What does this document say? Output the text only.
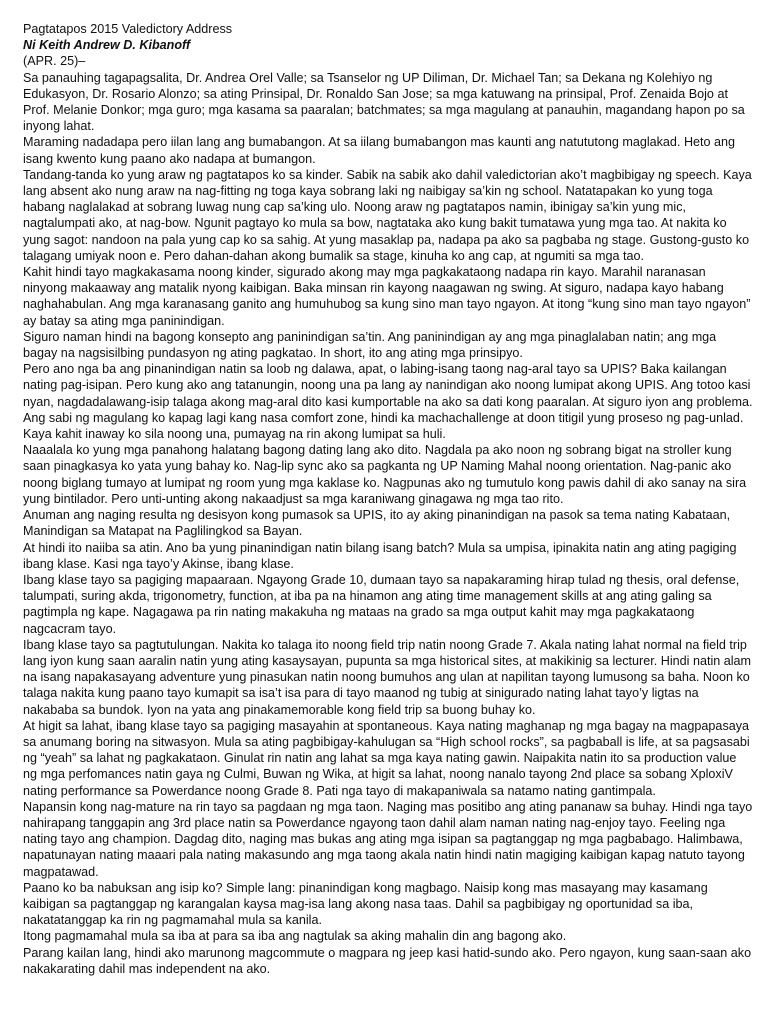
Pagtatapos 2015 Valedictory Address

Ni Keith Andrew D. Kibanoff

(APR. 25)–

Sa panauhing tagapagsalita, Dr. Andrea Orel Valle; sa Tsanselor ng UP Diliman, Dr. Michael Tan; sa Dekana ng Kolehiyo ng Edukasyon, Dr. Rosario Alonzo; sa ating Prinsipal, Dr. Ronaldo San Jose; sa mga katuwang na prinsipal, Prof. Zenaida Bojo at Prof. Melanie Donkor; mga guro; mga kasama sa paaralan; batchmates; sa mga magulang at panauhin, magandang hapon po sa inyong lahat.

Maraming nadadapa pero iilan lang ang bumabangon. At sa iilang bumabangon mas kaunti ang natututong maglakad. Heto ang isang kwento kung paano ako nadapa at bumangon.

Tandang-tanda ko yung araw ng pagtatapos ko sa kinder. Sabik na sabik ako dahil valedictorian ako’t magbibigay ng speech. Kaya lang absent ako nung araw na nag-fitting ng toga kaya sobrang laki ng naibigay sa’kin ng school. Natatapakan ko yung toga habang naglalakad at sobrang luwag nung cap sa’king ulo. Noong araw ng pagtatapos namin, ibinigay sa’kin yung mic, nagtalumpati ako, at nag-bow. Ngunit pagtayo ko mula sa bow, nagtataka ako kung bakit tumatawa yung mga tao. At nakita ko yung sagot: nandoon na pala yung cap ko sa sahig. At yung masaklap pa, nadapa pa ako sa pagbaba ng stage. Gustong-gusto ko talagang umiyak noon e. Pero dahan-dahan akong bumalik sa stage, kinuha ko ang cap, at ngumiti sa mga tao.

Kahit hindi tayo magkakasama noong kinder, sigurado akong may mga pagkakataong nadapa rin kayo. Marahil naranasan ninyong makaaway ang matalik nyong kaibigan. Baka minsan rin kayong naagawan ng swing. At siguro, nadapa kayo habang naghahabulan. Ang mga karanasang ganito ang humuhubog sa kung sino man tayo ngayon. At itong “kung sino man tayo ngayon” ay batay sa ating mga paninindigan.

Siguro naman hindi na bagong konsepto ang paninindigan sa’tin. Ang paninindigan ay ang mga pinaglalaban natin; ang mga bagay na nagsisilbing pundasyon ng ating pagkatao. In short, ito ang ating mga prinsipyo.

Pero ano nga ba ang pinanindigan natin sa loob ng dalawa, apat, o labing-isang taong nag-aral tayo sa UPIS? Baka kailangan nating pag-isipan. Pero kung ako ang tatanungin, noong una pa lang ay nanindigan ako noong lumipat akong UPIS. Ang totoo kasi nyan, nagdadalawang-isip talaga akong mag-aral dito kasi kumportable na ako sa dati kong paaralan. At siguro iyon ang problema. Ang sabi ng magulang ko kapag lagi kang nasa comfort zone, hindi ka machachallenge at doon titigil yung proseso ng pag-unlad. Kaya kahit inaway ko sila noong una, pumayag na rin akong lumipat sa huli.

Naaalala ko yung mga panahong halatang bagong dating lang ako dito. Nagdala pa ako noon ng sobrang bigat na stroller kung saan pinagkasya ko yata yung bahay ko. Nag-lip sync ako sa pagkanta ng UP Naming Mahal noong orientation. Nag-panic ako noong biglang tumayo at lumipat ng room yung mga kaklase ko. Nagpunas ako ng tumutulo kong pawis dahil di ako sanay na sira yung bintilador. Pero unti-unting akong nakaadjust sa mga karaniwang ginagawa ng mga tao rito.

Anuman ang naging resulta ng desisyon kong pumasok sa UPIS, ito ay aking pinanindigan na pasok sa tema nating Kabataan, Manindigan sa Matapat na Paglilingkod sa Bayan.

At hindi ito naiiba sa atin. Ano ba yung pinanindigan natin bilang isang batch? Mula sa umpisa, ipinakita natin ang ating pagiging ibang klase. Kasi nga tayo’y Akinse, ibang klase.

Ibang klase tayo sa pagiging mapaaraan. Ngayong Grade 10, dumaan tayo sa napakaraming hirap tulad ng thesis, oral defense, talumpati, suring akda, trigonometry, function, at iba pa na hinamon ang ating time management skills at ang ating galing sa pagtimpla ng kape. Nagagawa pa rin nating makakuha ng mataas na grado sa mga output kahit may mga pagkakataong nagcacram tayo.

Ibang klase tayo sa pagtutulungan. Nakita ko talaga ito noong field trip natin noong Grade 7. Akala nating lahat normal na field trip lang iyon kung saan aaralin natin yung ating kasaysayan, pupunta sa mga historical sites, at makikinig sa lecturer. Hindi natin alam na isang napakasayang adventure yung pinasukan natin noong bumuhos ang ulan at napilitan tayong lumusong sa baha. Noon ko talaga nakita kung paano tayo kumapit sa isa’t isa para di tayo maanod ng tubig at sinigurado nating lahat tayo’y ligtas na nakababa sa bundok. Iyon na yata ang pinakamemorable kong field trip sa buong buhay ko.

At higit sa lahat, ibang klase tayo sa pagiging masayahin at spontaneous. Kaya nating maghanap ng mga bagay na magpapasaya sa anumang boring na sitwasyon. Mula sa ating pagbibigay-kahulugan sa “High school rocks”, sa pagbaball is life, at sa pagsasabi ng “yeah” sa lahat ng pagkakataon. Ginulat rin natin ang lahat sa mga kaya nating gawin. Naipakita natin ito sa production value ng mga perfomances natin gaya ng Culmi, Buwan ng Wika, at higit sa lahat, noong nanalo tayong 2nd place sa sobang XploxiV nating performance sa Powerdance noong Grade 8. Pati nga tayo di makapaniwala sa natamo nating gantimpala.

Napansin kong nag-mature na rin tayo sa pagdaan ng mga taon. Naging mas positibo ang ating pananaw sa buhay. Hindi nga tayo nahirapang tanggapin ang 3rd place natin sa Powerdance ngayong taon dahil alam naman nating nag-enjoy tayo. Feeling nga nating tayo ang champion. Dagdag dito, naging mas bukas ang ating mga isipan sa pagtanggap ng mga pagbabago. Halimbawa, napatunayan nating maaari pala nating makasundo ang mga taong akala natin hindi natin magiging kaibigan kapag natuto tayong magpatawad.

Paano ko ba nabuksan ang isip ko? Simple lang: pinanindigan kong magbago. Naisip kong mas masayang may kasamang kaibigan sa pagtanggap ng karangalan kaysa mag-isa lang akong nasa taas. Dahil sa pagbibigay ng oportunidad sa iba, nakatatanggap ka rin ng pagmamahal mula sa kanila.

Itong pagmamahal mula sa iba at para sa iba ang nagtulak sa aking mahalin din ang bagong ako.

Parang kailan lang, hindi ako marunong magcommute o magpara ng jeep kasi hatid-sundo ako. Pero ngayon, kung saan-saan ako nakakarating dahil mas independent na ako.
